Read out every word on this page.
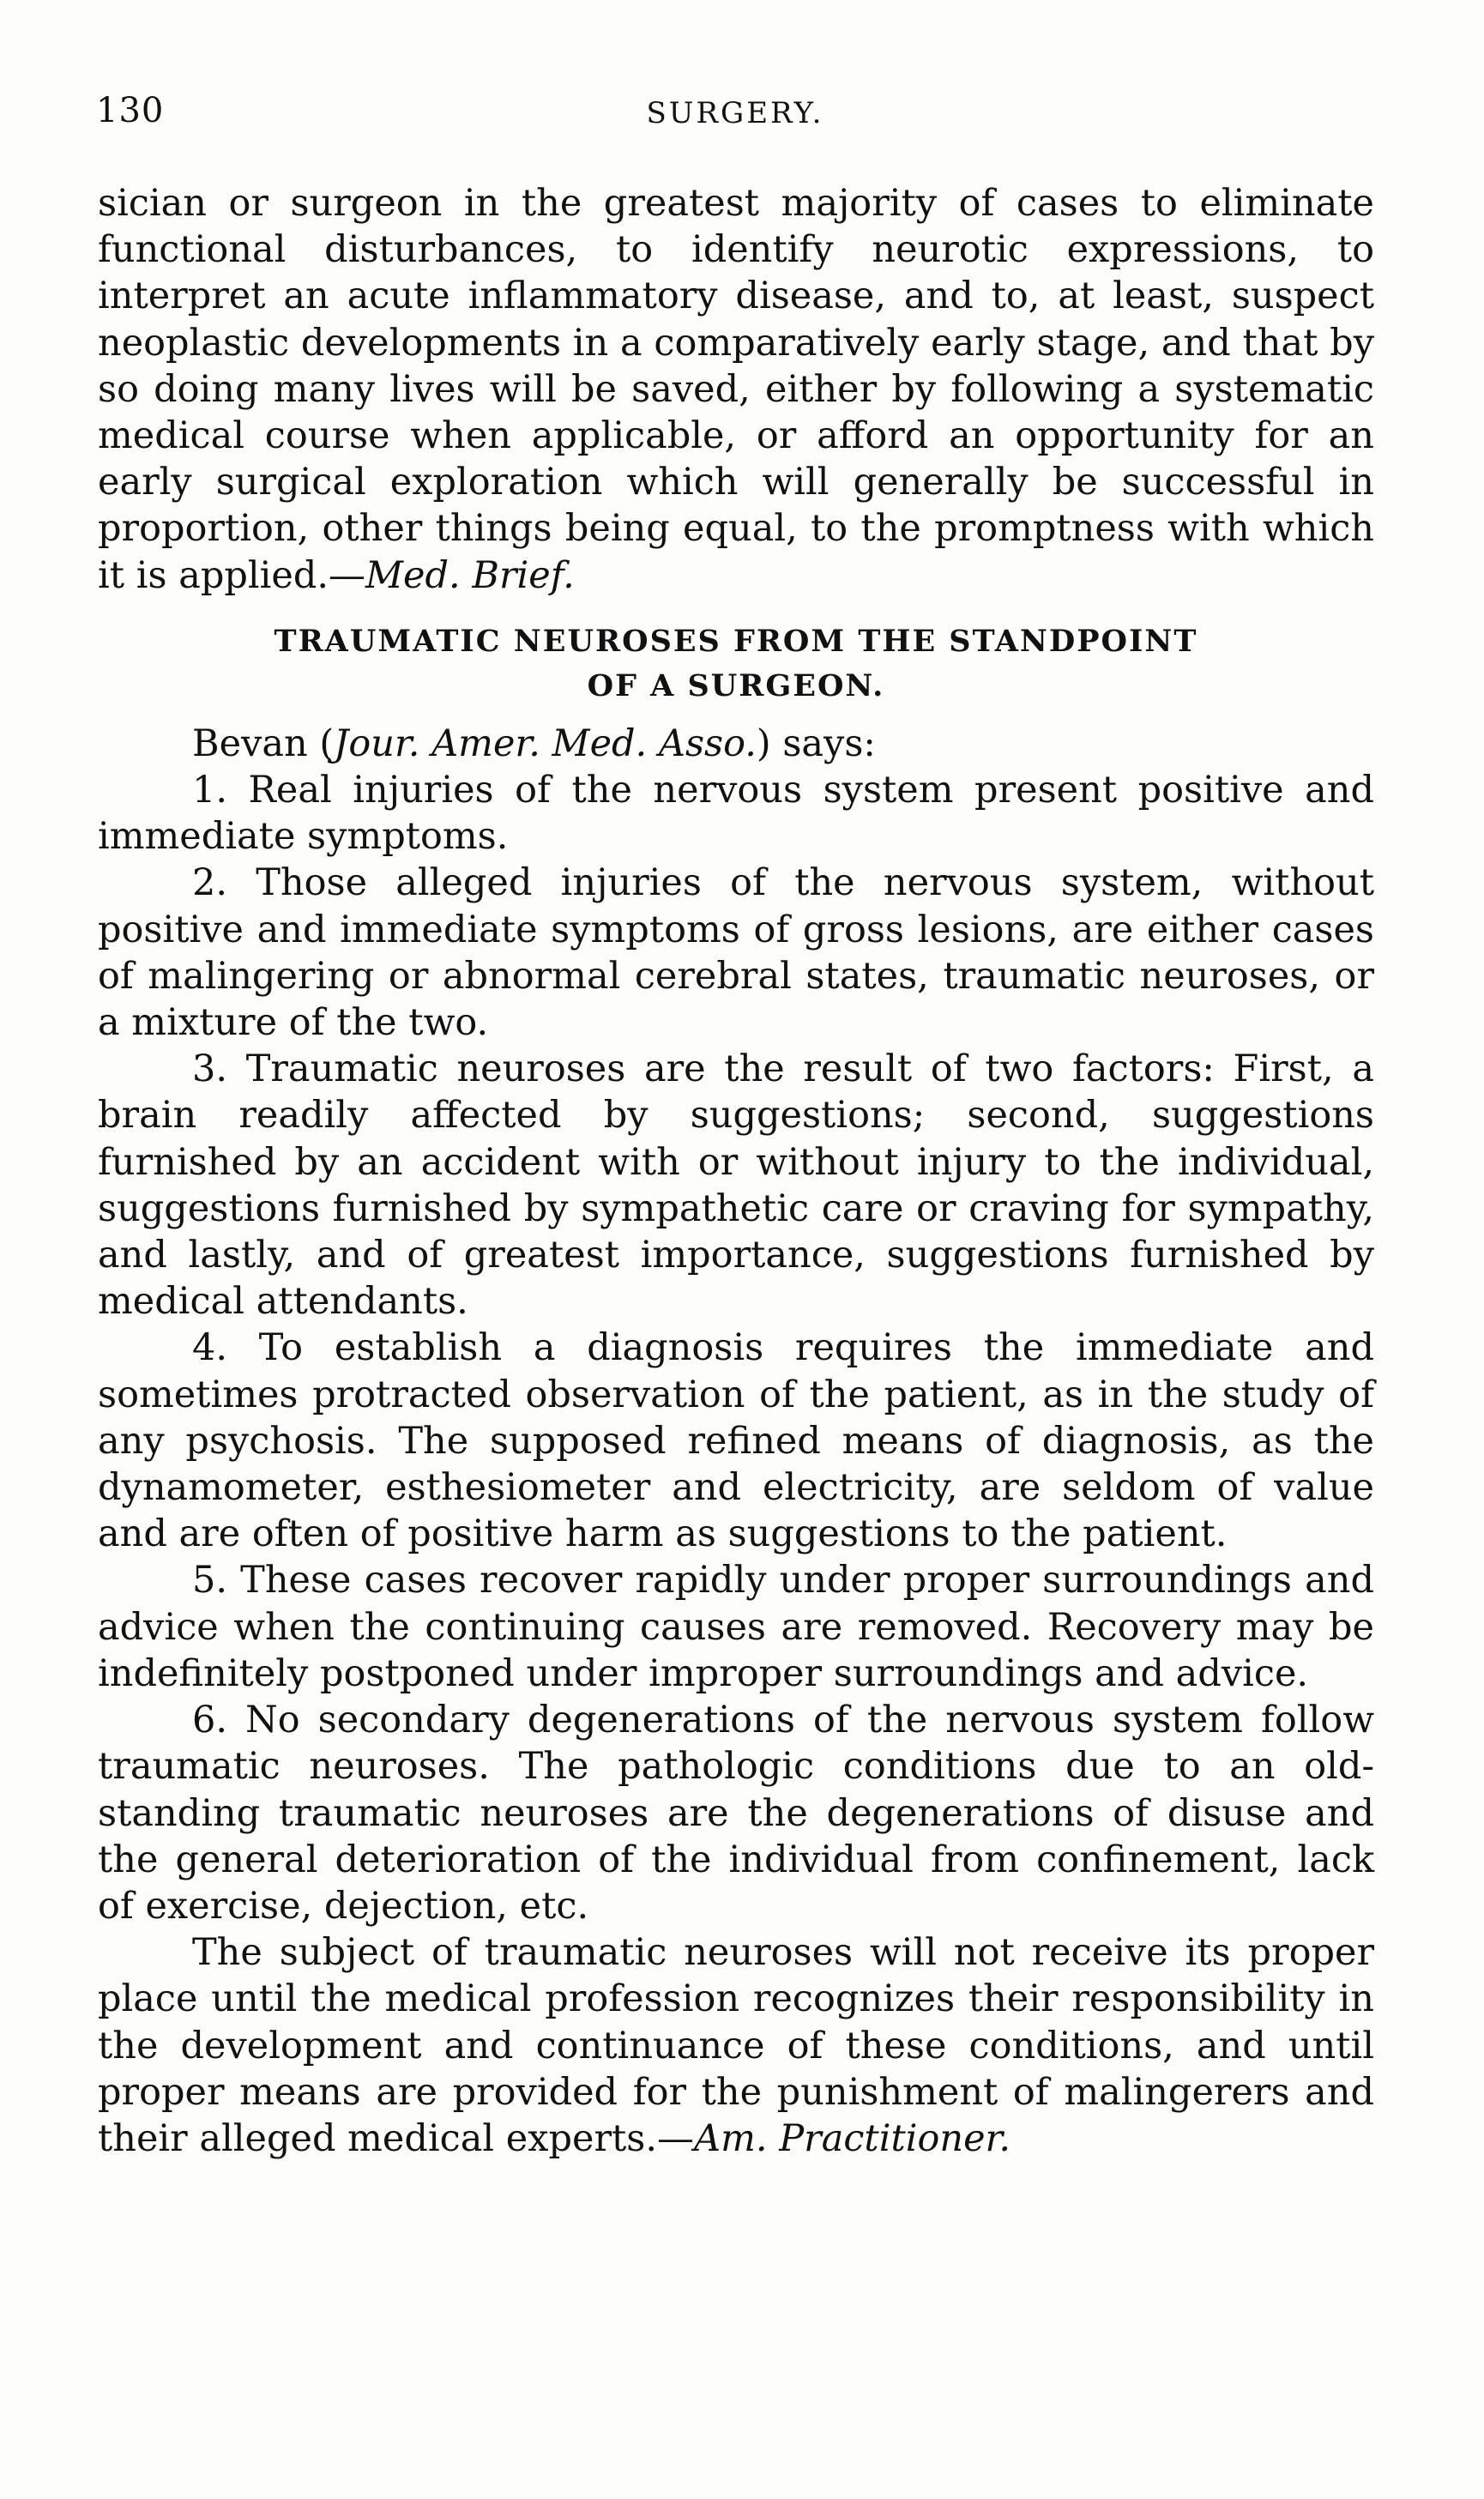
130	SURGERY.

sician or surgeon in the greatest majority of cases to eliminate functional disturbances, to identify neurotic expressions, to interpret an acute inflammatory disease, and to, at least, suspect neoplastic developments in a comparatively early stage, and that by so doing many lives will be saved, either by following a systematic medical course when applicable, or afford an opportunity for an early surgical exploration which will generally be successful in proportion, other things being equal, to the promptness with which it is applied.—Med. Brief.

TRAUMATIC NEUROSES FROM THE STANDPOINT
OF A SURGEON.

Bevan (Jour. Amer. Med. Asso.) says:

1. Real injuries of the nervous system present positive and immediate symptoms.

2. Those alleged injuries of the nervous system, without positive and immediate symptoms of gross lesions, are either cases of malingering or abnormal cerebral states, traumatic neuroses, or a mixture of the two.

3. Traumatic neuroses are the result of two factors: First, a brain readily affected by suggestions; second, suggestions furnished by an accident with or without injury to the individual, suggestions furnished by sympathetic care or craving for sympathy, and lastly, and of greatest importance, suggestions furnished by medical attendants.

4. To establish a diagnosis requires the immediate and sometimes protracted observation of the patient, as in the study of any psychosis. The supposed refined means of diagnosis, as the dynamometer, esthesiometer and electricity, are seldom of value and are often of positive harm as suggestions to the patient.

5. These cases recover rapidly under proper surroundings and advice when the continuing causes are removed. Recovery may be indefinitely postponed under improper surroundings and advice.

6. No secondary degenerations of the nervous system follow traumatic neuroses. The pathologic conditions due to an old-standing traumatic neuroses are the degenerations of disuse and the general deterioration of the individual from confinement, lack of exercise, dejection, etc.

The subject of traumatic neuroses will not receive its proper place until the medical profession recognizes their responsibility in the development and continuance of these conditions, and until proper means are provided for the punishment of malingerers and their alleged medical experts.—Am. Practitioner.
